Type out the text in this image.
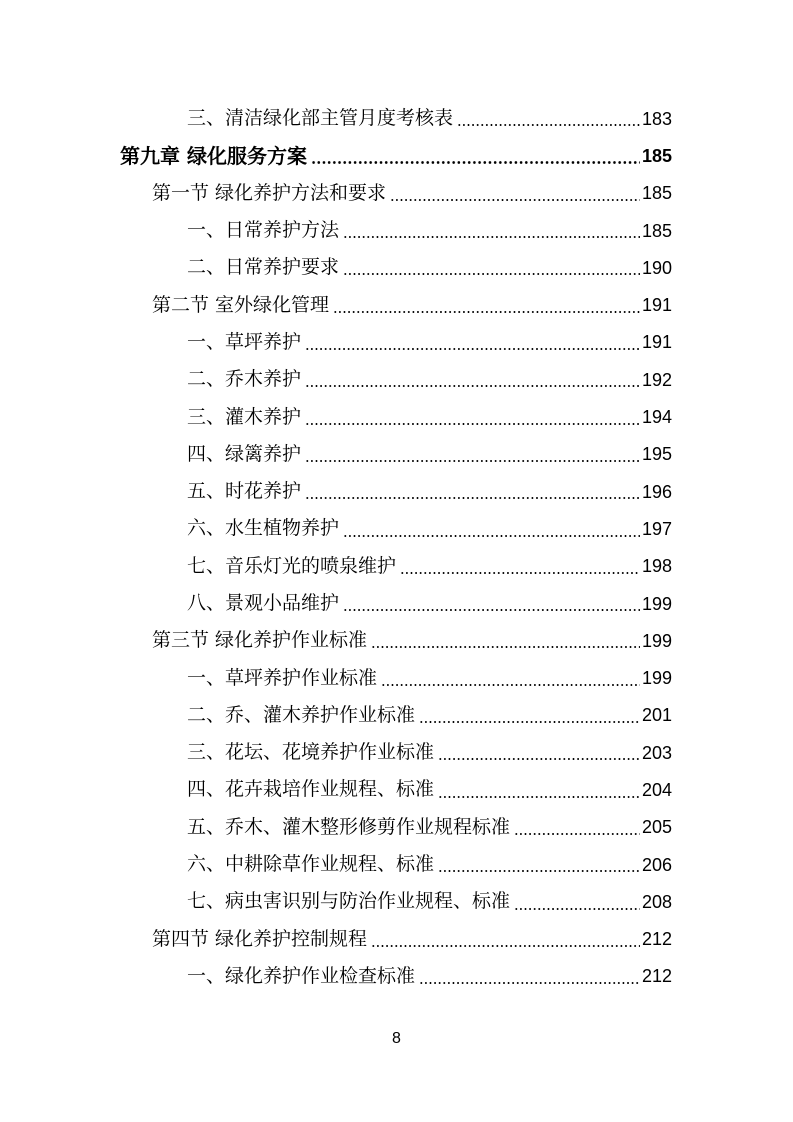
三、清洁绿化部主管月度考核表	183
第九章 绿化服务方案	185
第一节 绿化养护方法和要求	185
一、日常养护方法	185
二、日常养护要求	190
第二节 室外绿化管理	191
一、草坪养护	191
二、乔木养护	192
三、灌木养护	194
四、绿篱养护	195
五、时花养护	196
六、水生植物养护	197
七、音乐灯光的喷泉维护	198
八、景观小品维护	199
第三节 绿化养护作业标准	199
一、草坪养护作业标准	199
二、乔、灌木养护作业标准	201
三、花坛、花境养护作业标准	203
四、花卉栽培作业规程、标准	204
五、乔木、灌木整形修剪作业规程标准	205
六、中耕除草作业规程、标准	206
七、病虫害识别与防治作业规程、标准	208
第四节 绿化养护控制规程	212
一、绿化养护作业检查标准	212
8
